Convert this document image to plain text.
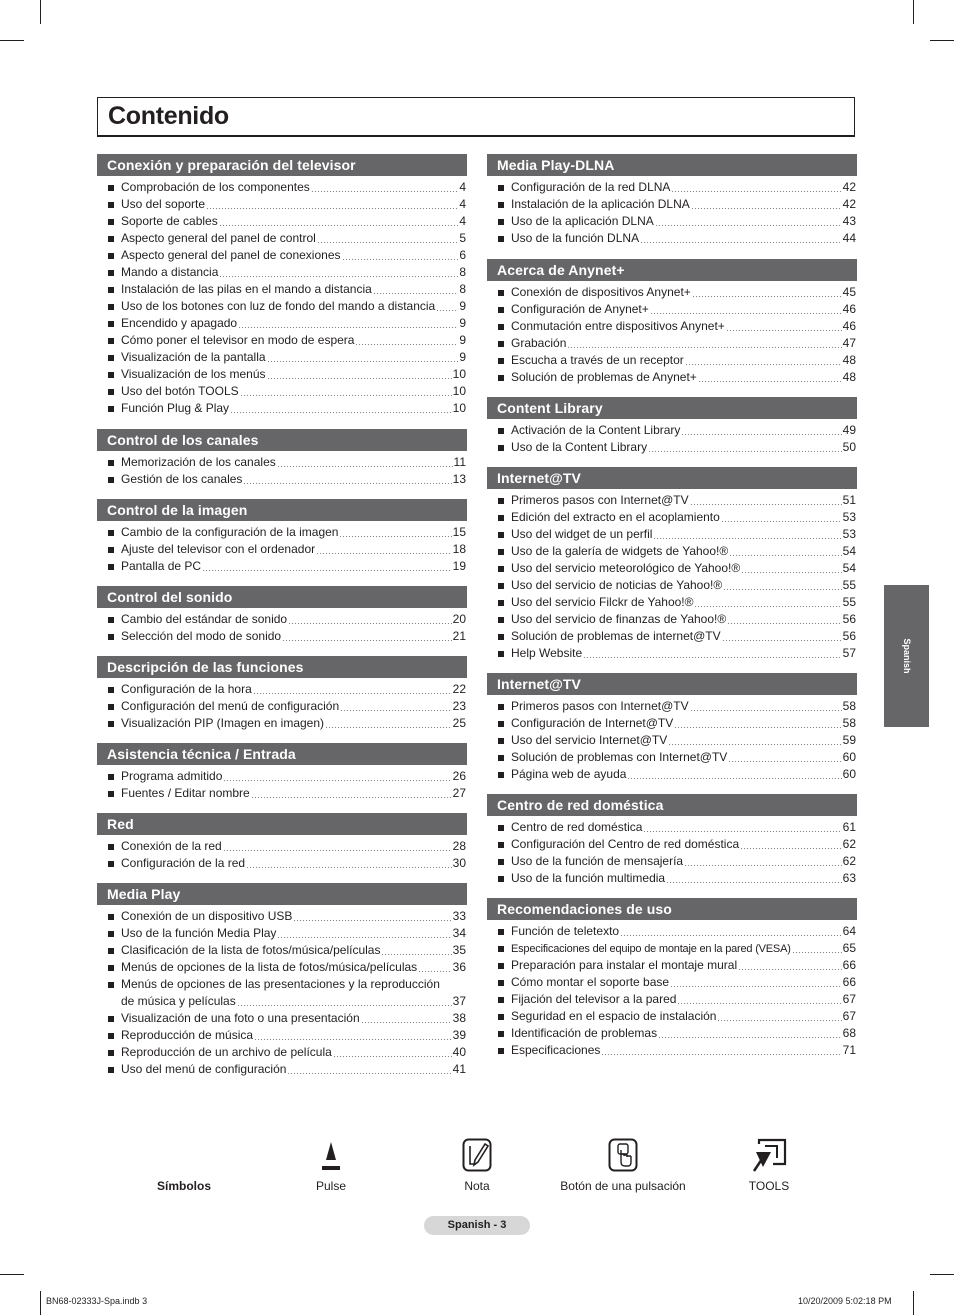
Contenido
Conexión y preparación del televisor
Comprobación de los componentes	4
Uso del soporte	4
Soporte de cables	4
Aspecto general del panel de control	5
Aspecto general del panel de conexiones	6
Mando a distancia	8
Instalación de las pilas en el mando a distancia	8
Uso de los botones con luz de fondo del mando a distancia 9
Encendido y apagado	9
Cómo poner el televisor en modo de espera	9
Visualización de la pantalla	9
Visualización de los menús	10
Uso del botón TOOLS	10
Función Plug & Play	10
Control de los canales
Memorización de los canales	11
Gestión de los canales	13
Control de la imagen
Cambio de la configuración de la imagen	15
Ajuste del televisor con el ordenador	18
Pantalla de PC	19
Control del sonido
Cambio del estándar de sonido	20
Selección del modo de sonido	21
Descripción de las funciones
Configuración de la hora	22
Configuración del menú de configuración	23
Visualización PIP (Imagen en imagen)	25
Asistencia técnica / Entrada
Programa admitido	26
Fuentes / Editar nombre	27
Red
Conexión de la red	28
Configuración de la red	30
Media Play
Conexión de un dispositivo USB	33
Uso de la función Media Play	34
Clasificación de la lista de fotos/música/películas	35
Menús de opciones de la lista de fotos/música/películas	36
Menús de opciones de las presentaciones y la reproducción
de música y películas	37
Visualización de una foto o una presentación	38
Reproducción de música	39
Reproducción de un archivo de película	40
Uso del menú de configuración	41
Media Play-DLNA
Configuración de la red DLNA	42
Instalación de la aplicación DLNA	42
Uso de la aplicación DLNA	43
Uso de la función DLNA	44
Acerca de Anynet+
Conexión de dispositivos Anynet+	45
Configuración de Anynet+	46
Conmutación entre dispositivos Anynet+	46
Grabación	47
Escucha a través de un receptor	48
Solución de problemas de Anynet+	48
Content Library
Activación de la Content Library	49
Uso de la Content Library	50
Internet@TV
Primeros pasos con Internet@TV	51
Edición del extracto en el acoplamiento	53
Uso del widget de un perfil	53
Uso de la galería de widgets de Yahoo!®	54
Uso del servicio meteorológico de Yahoo!®	54
Uso del servicio de noticias de Yahoo!®	55
Uso del servicio Filckr de Yahoo!®	55
Uso del servicio de finanzas de Yahoo!®	56
Solución de problemas de internet@TV	56
Help Website	57
Internet@TV
Primeros pasos con Internet@TV	58
Configuración de Internet@TV	58
Uso del servicio Internet@TV	59
Solución de problemas con Internet@TV	60
Página web de ayuda	60
Centro de red doméstica
Centro de red doméstica	61
Configuración del Centro de red doméstica	62
Uso de la función de mensajería	62
Uso de la función multimedia	63
Recomendaciones de uso
Función de teletexto	64
Especificaciones del equipo de montaje en la pared (VESA)	65
Preparación para instalar el montaje mural	66
Cómo montar el soporte base	66
Fijación del televisor a la pared	67
Seguridad en el espacio de instalación	67
Identificación de problemas	68
Especificaciones	71
Spanish
Símbolos	Pulse	Nota	Botón de una pulsación	TOOLS
Spanish - 3
BN68-02333J-Spa.indb 3	10/20/2009 5:02:18 PM
